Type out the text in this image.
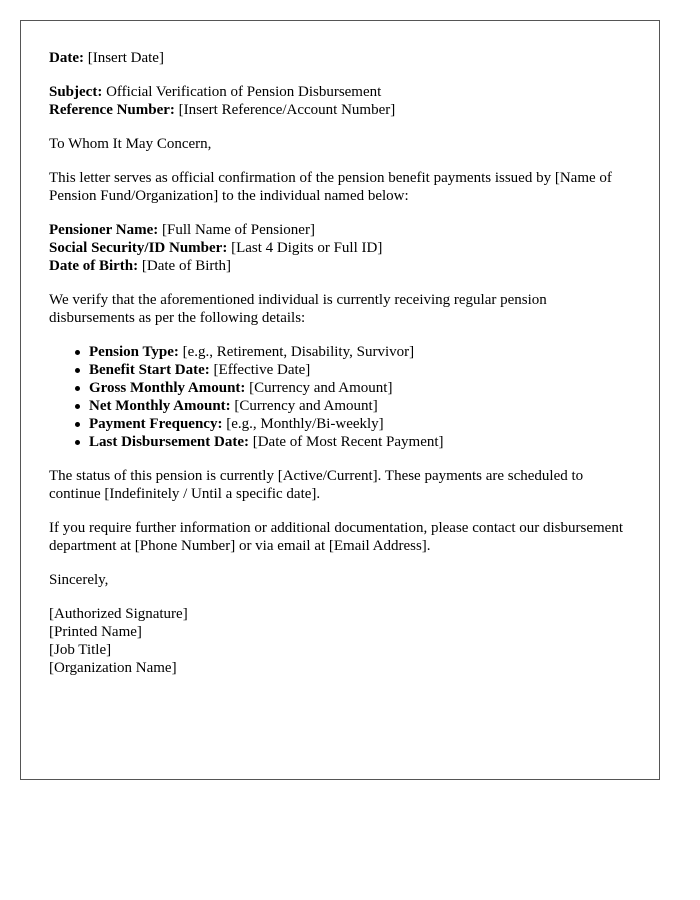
Date: [Insert Date]

Subject: Official Verification of Pension Disbursement
Reference Number: [Insert Reference/Account Number]

To Whom It May Concern,

This letter serves as official confirmation of the pension benefit payments issued by [Name of Pension Fund/Organization] to the individual named below:

Pensioner Name: [Full Name of Pensioner]
Social Security/ID Number: [Last 4 Digits or Full ID]
Date of Birth: [Date of Birth]

We verify that the aforementioned individual is currently receiving regular pension disbursements as per the following details:

Pension Type: [e.g., Retirement, Disability, Survivor]
Benefit Start Date: [Effective Date]
Gross Monthly Amount: [Currency and Amount]
Net Monthly Amount: [Currency and Amount]
Payment Frequency: [e.g., Monthly/Bi-weekly]
Last Disbursement Date: [Date of Most Recent Payment]

The status of this pension is currently [Active/Current]. These payments are scheduled to continue [Indefinitely / Until a specific date].

If you require further information or additional documentation, please contact our disbursement department at [Phone Number] or via email at [Email Address].

Sincerely,

[Authorized Signature]
[Printed Name]
[Job Title]
[Organization Name]
